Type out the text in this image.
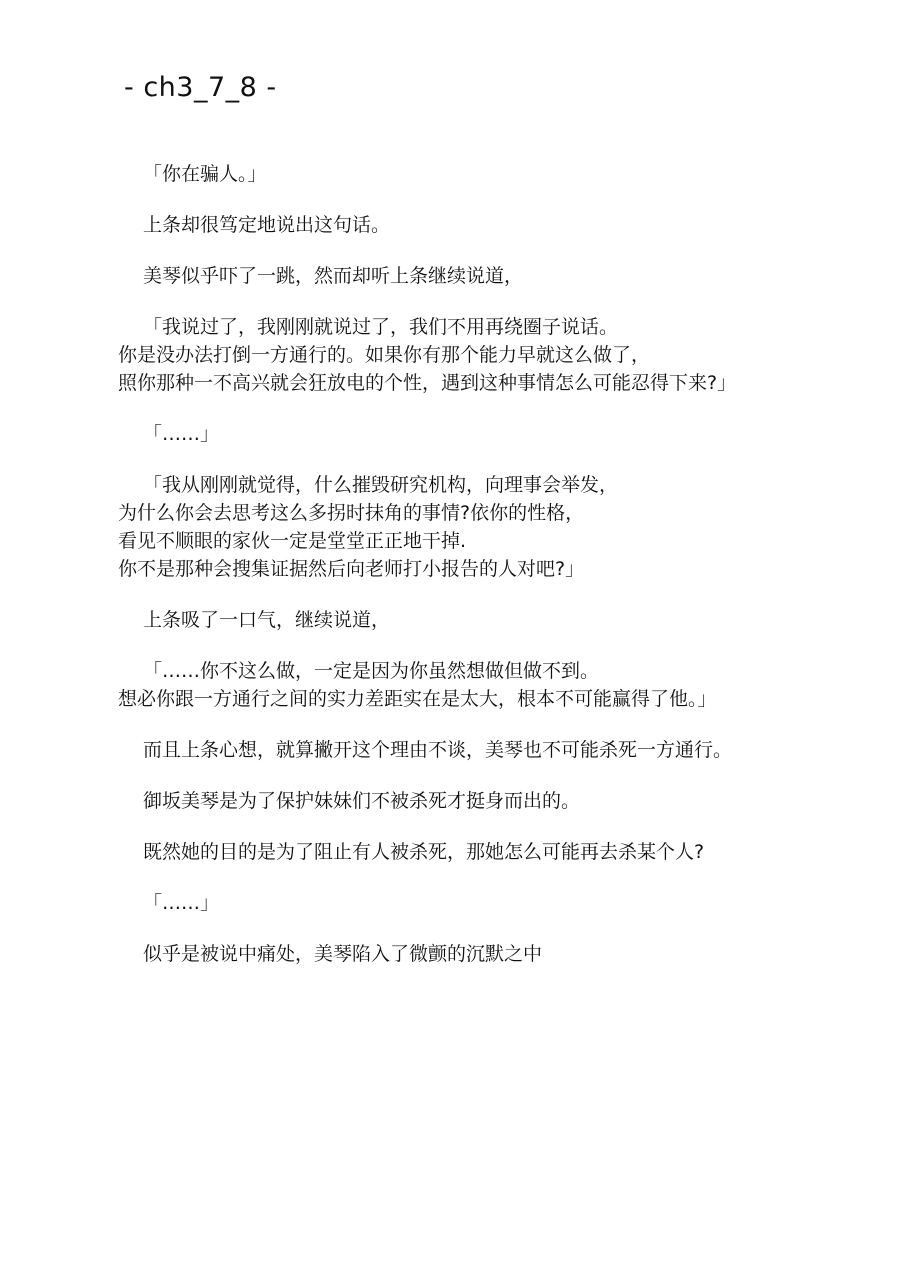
- ch3_7_8 -

「你在骗人。」

上条却很笃定地说出这句话。

美琴似乎吓了一跳，然而却听上条继续说道，

「我说过了，我刚刚就说过了，我们不用再绕圈子说话。
你是没办法打倒一方通行的。如果你有那个能力早就这么做了，
照你那种一不高兴就会狂放电的个性，遇到这种事情怎么可能忍得下来?」

「……」

「我从刚刚就觉得，什么摧毁研究机构，向理事会举发，
为什么你会去思考这么多拐时抹角的事情?依你的性格，
看见不顺眼的家伙一定是堂堂正正地干掉.
你不是那种会搜集证据然后向老师打小报告的人对吧?」

上条吸了一口气，继续说道，

「……你不这么做，一定是因为你虽然想做但做不到。
想必你跟一方通行之间的实力差距实在是太大，根本不可能赢得了他。」

而且上条心想，就算撇开这个理由不谈，美琴也不可能杀死一方通行。

御坂美琴是为了保护妹妹们不被杀死才挺身而出的。

既然她的目的是为了阻止有人被杀死，那她怎么可能再去杀某个人?

「……」

似乎是被说中痛处，美琴陷入了微颤的沉默之中
